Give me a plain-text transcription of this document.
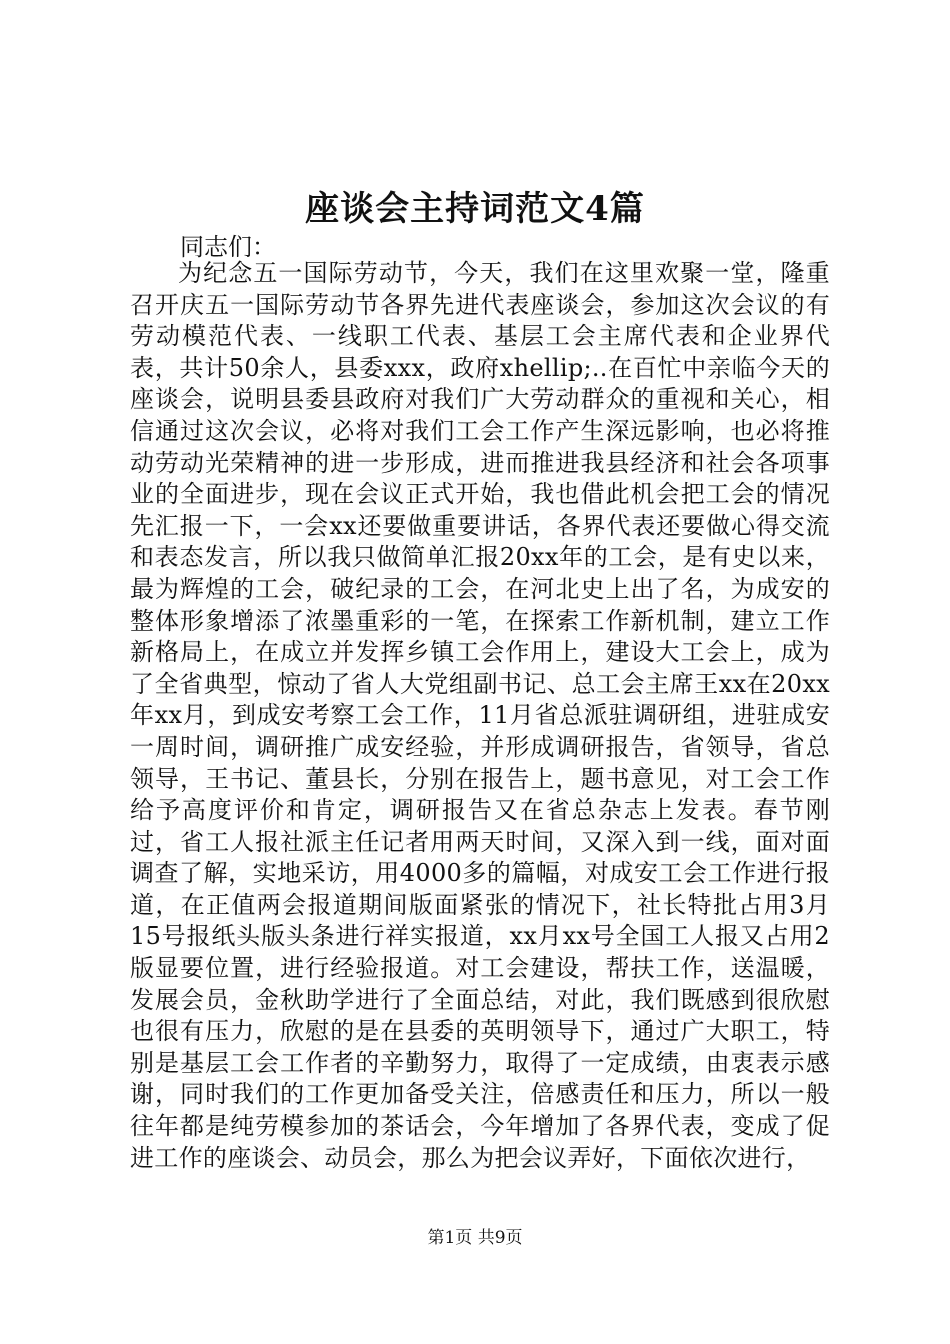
座谈会主持词范文4篇
同志们：

为纪念五一国际劳动节，今天，我们在这里欢聚一堂，隆重召开庆五一国际劳动节各界先进代表座谈会，参加这次会议的有劳动模范代表、一线职工代表、基层工会主席代表和企业界代表，共计50余人，县委xxx，政府xhellip;..在百忙中亲临今天的座谈会，说明县委县政府对我们广大劳动群众的重视和关心，相信通过这次会议，必将对我们工会工作产生深远影响，也必将推动劳动光荣精神的进一步形成，进而推进我县经济和社会各项事业的全面进步，现在会议正式开始，我也借此机会把工会的情况先汇报一下，一会xx还要做重要讲话，各界代表还要做心得交流和表态发言，所以我只做简单汇报20xx年的工会，是有史以来，最为辉煌的工会，破纪录的工会，在河北史上出了名，为成安的整体形象增添了浓墨重彩的一笔，在探索工作新机制，建立工作新格局上，在成立并发挥乡镇工会作用上，建设大工会上，成为了全省典型，惊动了省人大党组副书记、总工会主席王xx在20xx年xx月，到成安考察工会工作，11月省总派驻调研组，进驻成安一周时间，调研推广成安经验，并形成调研报告，省领导，省总领导，王书记、董县长，分别在报告上，题书意见，对工会工作给予高度评价和肯定，调研报告又在省总杂志上发表。春节刚过，省工人报社派主任记者用两天时间，又深入到一线，面对面调查了解，实地采访，用4000多的篇幅，对成安工会工作进行报道，在正值两会报道期间版面紧张的情况下，社长特批占用3月15号报纸头版头条进行祥实报道，xx月xx号全国工人报又占用2版显要位置，进行经验报道。对工会建设，帮扶工作，送温暖，发展会员，金秋助学进行了全面总结，对此，我们既感到很欣慰也很有压力，欣慰的是在县委的英明领导下，通过广大职工，特别是基层工会工作者的辛勤努力，取得了一定成绩，由衷表示感谢，同时我们的工作更加备受关注，倍感责任和压力，所以一般往年都是纯劳模参加的茶话会，今年增加了各界代表，变成了促进工作的座谈会、动员会，那么为把会议弄好，下面依次进行，

第1页 共9页
